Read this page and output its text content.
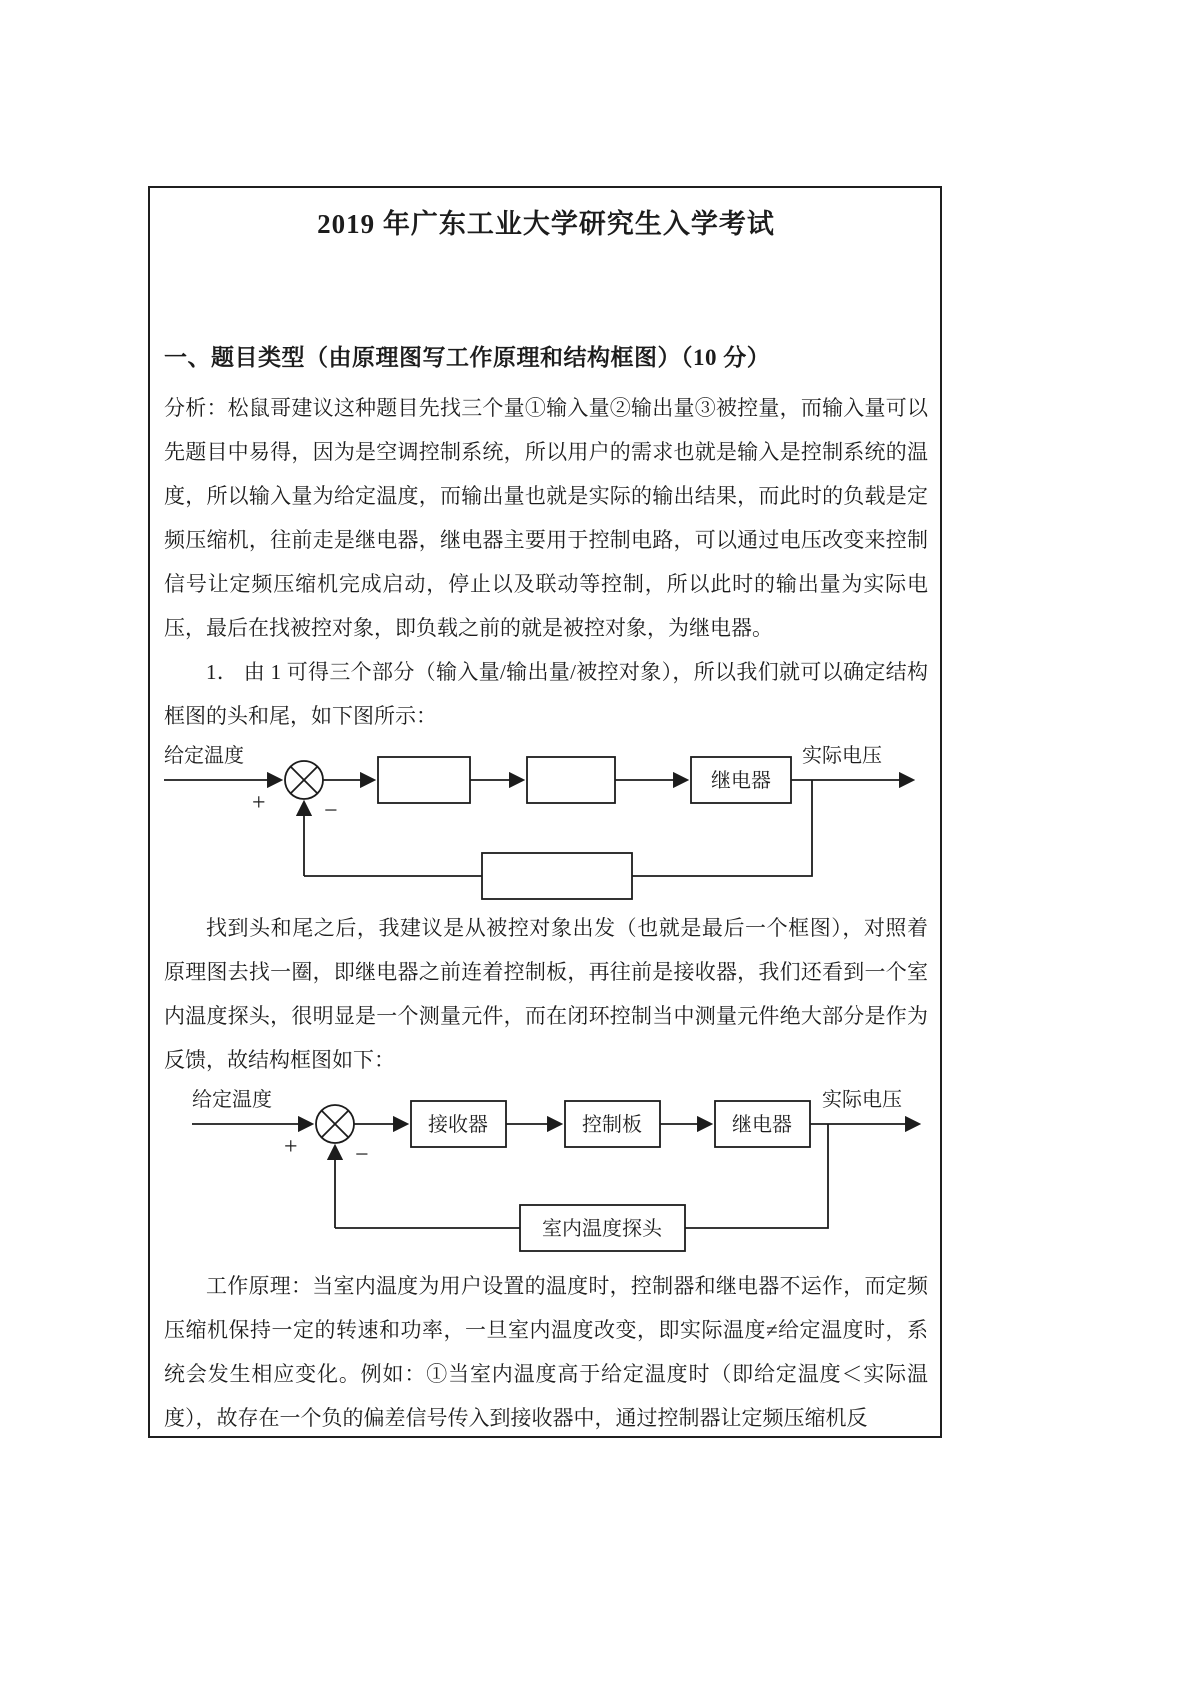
2019 年广东工业大学研究生入学考试
一、题目类型（由原理图写工作原理和结构框图）（10 分）

分析：松鼠哥建议这种题目先找三个量①输入量②输出量③被控量，而输入量可以先题目中易得，因为是空调控制系统，所以用户的需求也就是输入是控制系统的温度，所以输入量为给定温度，而输出量也就是实际的输出结果，而此时的负载是定频压缩机，往前走是继电器，继电器主要用于控制电路，可以通过电压改变来控制信号让定频压缩机完成启动，停止以及联动等控制，所以此时的输出量为实际电压，最后在找被控对象，即负载之前的就是被控对象，为继电器。

1． 由 1 可得三个部分（输入量/输出量/被控对象），所以我们就可以确定结构框图的头和尾，如下图所示：

给定温度	实际电压
+ −
继电器

找到头和尾之后，我建议是从被控对象出发（也就是最后一个框图），对照着原理图去找一圈，即继电器之前连着控制板，再往前是接收器，我们还看到一个室内温度探头，很明显是一个测量元件，而在闭环控制当中测量元件绝大部分是作为反馈，故结构框图如下：

给定温度	实际电压
+ −
接收器	控制板	继电器
室内温度探头

工作原理：当室内温度为用户设置的温度时，控制器和继电器不运作，而定频压缩机保持一定的转速和功率，一旦室内温度改变，即实际温度≠给定温度时，系统会发生相应变化。例如：①当室内温度高于给定温度时（即给定温度＜实际温度），故存在一个负的偏差信号传入到接收器中，通过控制器让定频压缩机反
